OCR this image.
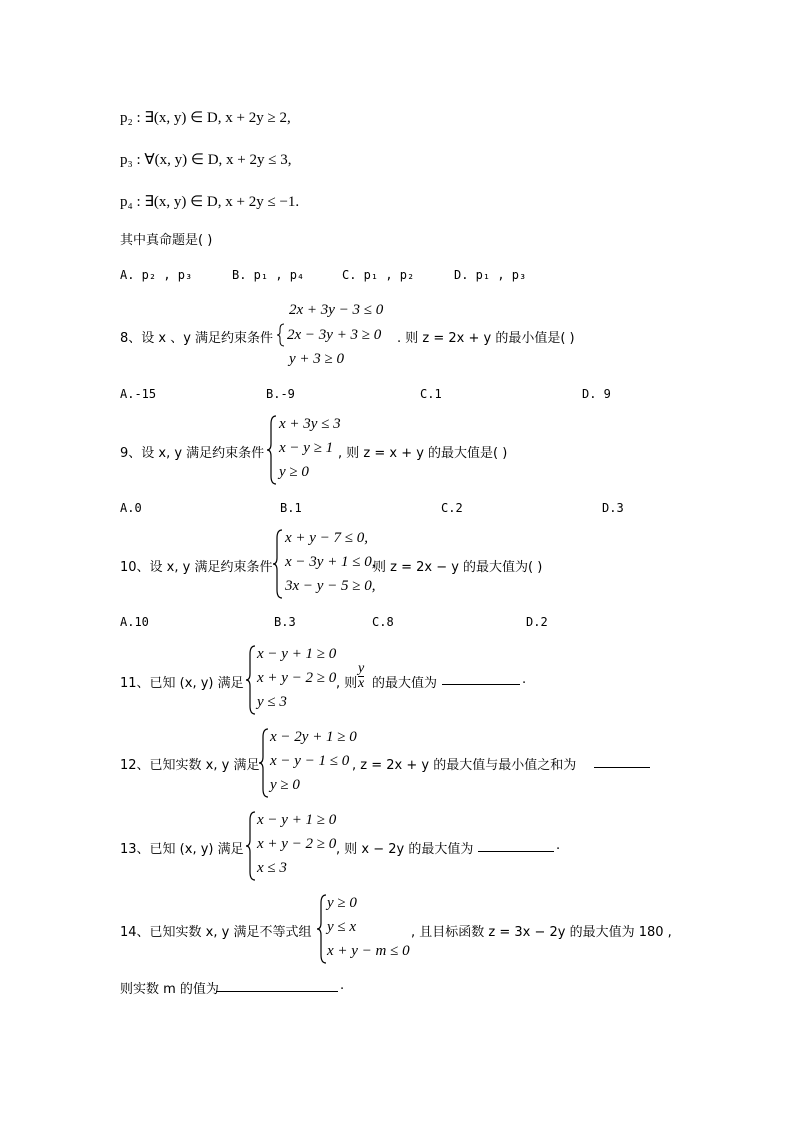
p₂ : ∃(x, y) ∈ D, x + 2y ≥ 2,
p₃ : ∀(x, y) ∈ D, x + 2y ≤ 3,
p₄ : ∃(x, y) ∈ D, x + 2y ≤ −1.
其中真命题是( )
A. p₂ , p₃	B. p₁ , p₄	C. p₁ , p₂	D. p₁ , p₃
8、设 x 、y 满足约束条件
2x + 3y − 3 ≤ 0
2x − 3y + 3 ≥ 0
y + 3 ≥ 0
. 则 z = 2x + y 的最小值是( )
A.-15	B.-9	C.1	D. 9
9、设 x, y 满足约束条件
x + 3y ≤ 3
x − y ≥ 1
y ≥ 0
, 则 z = x + y 的最大值是( )
A.0	B.1	C.2	D.3
10、设 x, y 满足约束条件
x + y − 7 ≤ 0,
x − 3y + 1 ≤ 0,
3x − y − 5 ≥ 0,
则 z = 2x − y 的最大值为( )
A.10	B.3	C.8	D.2
11、已知 (x, y) 满足
x − y + 1 ≥ 0
x + y − 2 ≥ 0
y ≤ 3
, 则 $\frac{y}{x}$ 的最大值为	.
12、已知实数 x, y 满足
x − 2y + 1 ≥ 0
x − y − 1 ≤ 0
y ≥ 0
, z = 2x + y 的最大值与最小值之和为
13、已知 (x, y) 满足
x − y + 1 ≥ 0
x + y − 2 ≥ 0
x ≤ 3
, 则 x − 2y 的最大值为	.
14、已知实数 x, y 满足不等式组
y ≥ 0
y ≤ x
x + y − m ≤ 0
, 且目标函数 z = 3x − 2y 的最大值为 180 ,
则实数 m 的值为	.
